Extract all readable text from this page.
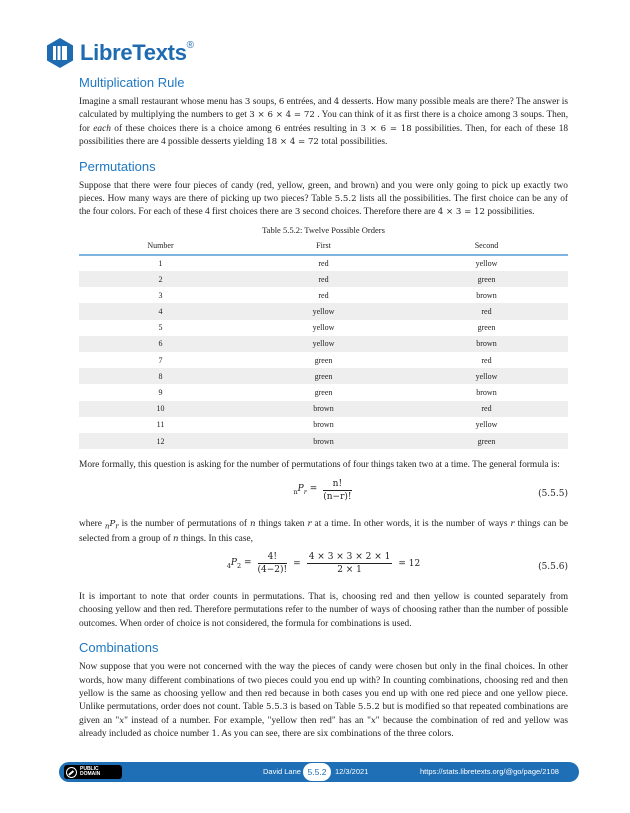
LibreTexts®
Multiplication Rule

Imagine a small restaurant whose menu has 3 soups, 6 entrées, and 4 desserts. How many possible meals are there? The answer is calculated by multiplying the numbers to get 3 × 6 × 4 = 72 . You can think of it as first there is a choice among 3 soups. Then, for each of these choices there is a choice among 6 entrées resulting in 3 × 6 = 18 possibilities. Then, for each of these 18 possibilities there are 4 possible desserts yielding 18 × 4 = 72 total possibilities.

Permutations

Suppose that there were four pieces of candy (red, yellow, green, and brown) and you were only going to pick up exactly two pieces. How many ways are there of picking up two pieces? Table 5.5.2 lists all the possibilities. The first choice can be any of the four colors. For each of these 4 first choices there are 3 second choices. Therefore there are 4 × 3 = 12 possibilities.

Table 5.5.2: Twelve Possible Orders
Number	First	Second
1	red	yellow
2	red	green
3	red	brown
4	yellow	red
5	yellow	green
6	yellow	brown
7	green	red
8	green	yellow
9	green	brown
10	brown	red
11	brown	yellow
12	brown	green

More formally, this question is asking for the number of permutations of four things taken two at a time. The general formula is:

$_nP_r = \frac{n!}{(n-r)!}$	(5.5.5)

where $_nP_r$ is the number of permutations of n things taken r at a time. In other words, it is the number of ways r things can be selected from a group of n things. In this case,

$_4P_2 = \frac{4!}{(4-2)!} = \frac{4 \times 3 \times 3 \times 2 \times 1}{2 \times 1} = 12$	(5.5.6)

It is important to note that order counts in permutations. That is, choosing red and then yellow is counted separately from choosing yellow and then red. Therefore permutations refer to the number of ways of choosing rather than the number of possible outcomes. When order of choice is not considered, the formula for combinations is used.

Combinations

Now suppose that you were not concerned with the way the pieces of candy were chosen but only in the final choices. In other words, how many different combinations of two pieces could you end up with? In counting combinations, choosing red and then yellow is the same as choosing yellow and then red because in both cases you end up with one red piece and one yellow piece. Unlike permutations, order does not count. Table 5.5.3 is based on Table 5.5.2 but is modified so that repeated combinations are given an "x" instead of a number. For example, "yellow then red" has an "x" because the combination of red and yellow was already included as choice number 1. As you can see, there are six combinations of the three colors.

PUBLIC
DOMAIN	David Lane 5.5.2	12/3/2021	https://stats.libretexts.org/@go/page/2108
